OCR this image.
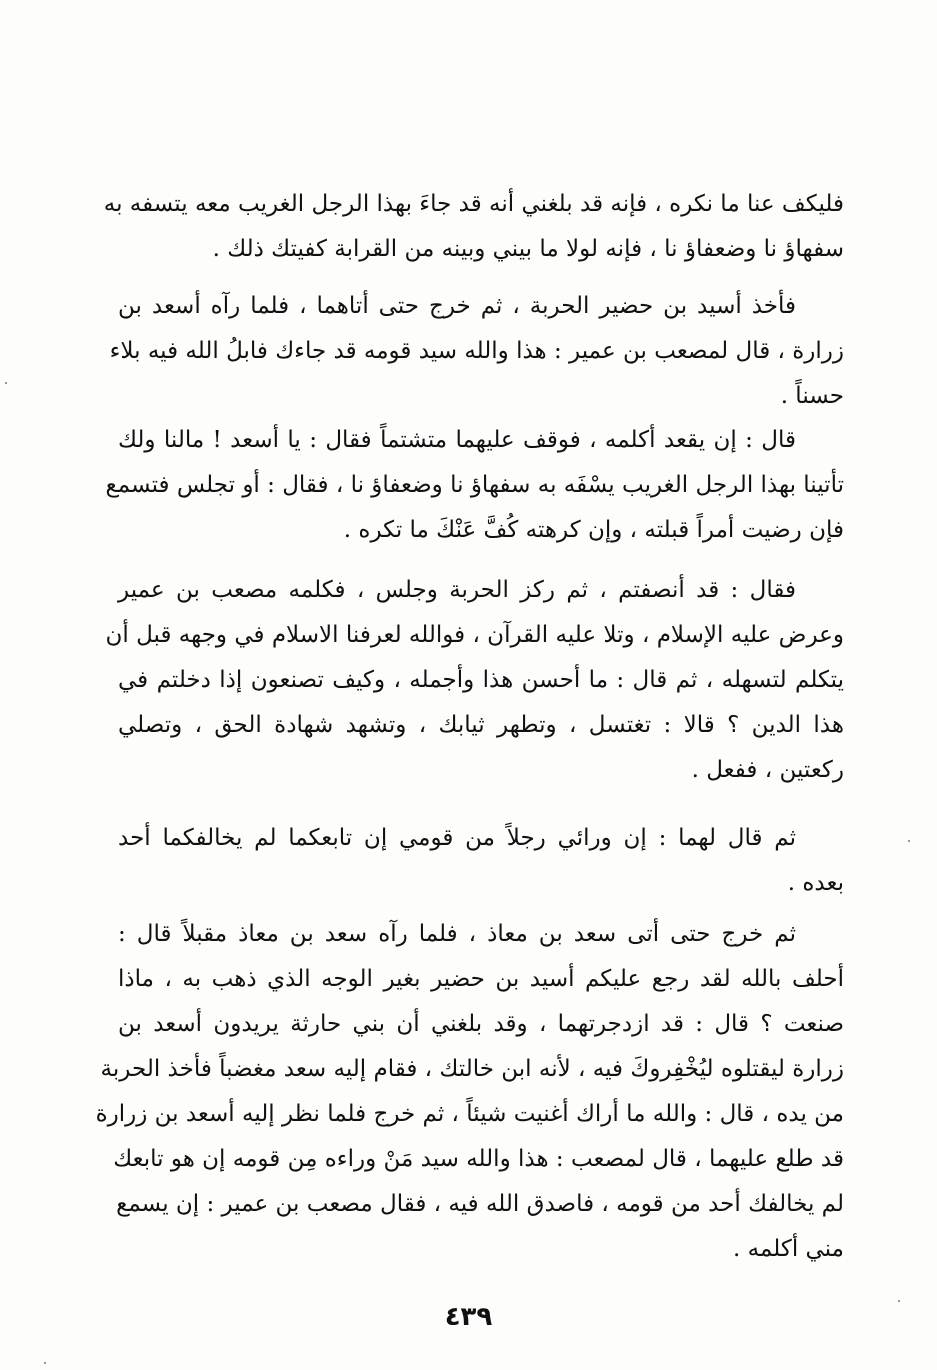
فليكف عنا ما نكره ، فإنه قد بلغني أنه قد جاءَ بهذا الرجل الغريب معه يتسفه به
سفهاؤ نا وضعفاؤ نا ، فإنه لولا ما بيني وبينه من القرابة كفيتك ذلك .
فأخذ أسيد بن حضير الحربة ، ثم خرج حتى أتاهما ، فلما رآه أسعد بن
زرارة ، قال لمصعب بن عمير : هذا والله سيد قومه قد جاءك فابلُ الله فيه بلاء
حسناً .
قال : إن يقعد أكلمه ، فوقف عليهما متشتماً فقال : يا أسعد ! مالنا ولك
تأتينا بهذا الرجل الغريب يسْفَه به سفهاؤ نا وضعفاؤ نا ، فقال : أو تجلس فتسمع
فإن رضيت أمراً قبلته ، وإن كرهته كُفَّ عَنْكَ ما تكره .
فقال : قد أنصفتم ، ثم ركز الحربة وجلس ، فكلمه مصعب بن عمير
وعرض عليه الإسلام ، وتلا عليه القرآن ، فوالله لعرفنا الاسلام في وجهه قبل أن
يتكلم لتسهله ، ثم قال : ما أحسن هذا وأجمله ، وكيف تصنعون إذا دخلتم في
هذا الدين ؟ قالا : تغتسل ، وتطهر ثيابك ، وتشهد شهادة الحق ، وتصلي
ركعتين ، ففعل .
ثم قال لهما : إن ورائي رجلاً من قومي إن تابعكما لم يخالفكما أحد
بعده .
ثم خرج حتى أتى سعد بن معاذ ، فلما رآه سعد بن معاذ مقبلاً قال :
أحلف بالله لقد رجع عليكم أسيد بن حضير بغير الوجه الذي ذهب به ، ماذا
صنعت ؟ قال : قد ازدجرتهما ، وقد بلغني أن بني حارثة يريدون أسعد بن
زرارة ليقتلوه ليُخْفِروكَ فيه ، لأنه ابن خالتك ، فقام إليه سعد مغضباً فأخذ الحربة
من يده ، قال : والله ما أراك أغنيت شيئاً ، ثم خرج فلما نظر إليه أسعد بن زرارة
قد طلع عليهما ، قال لمصعب : هذا والله سيد مَنْ وراءه مِن قومه إن هو تابعك
لم يخالفك أحد من قومه ، فاصدق الله فيه ، فقال مصعب بن عمير : إن يسمع
مني أكلمه .
٤٣٩
